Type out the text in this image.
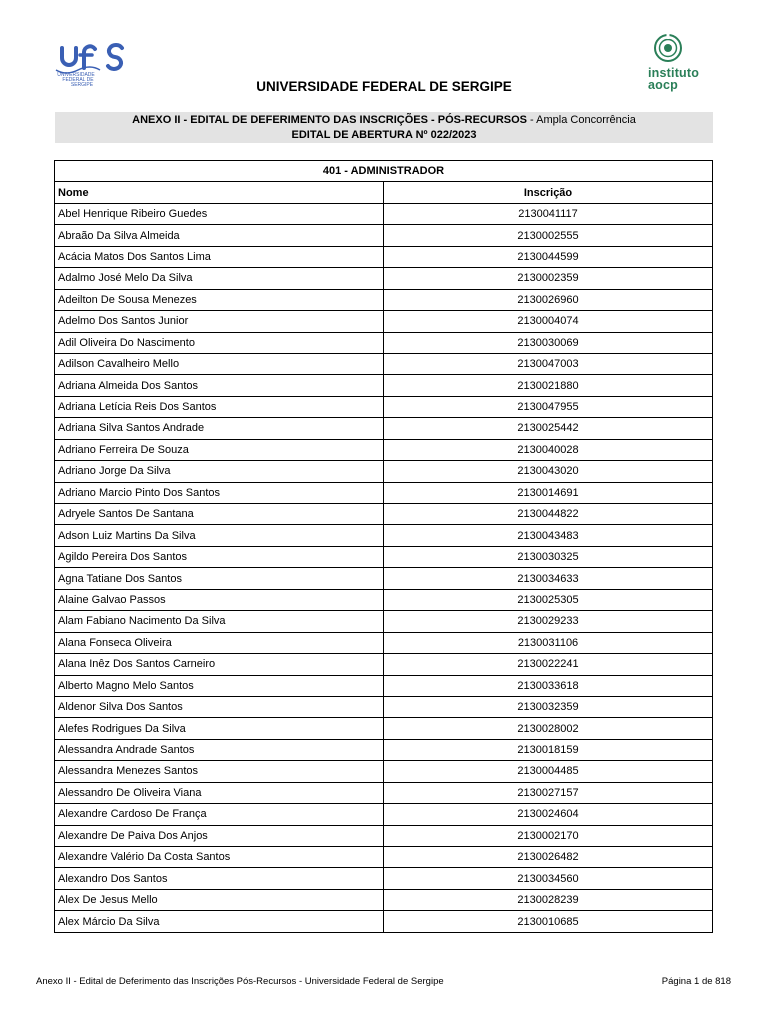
UNIVERSIDADE
FEDERAL DE
SERGIPE
instituto
aocp
UNIVERSIDADE FEDERAL DE SERGIPE
ANEXO II - EDITAL DE DEFERIMENTO DAS INSCRIÇÕES - PÓS-RECURSOS - Ampla Concorrência
EDITAL DE ABERTURA Nº 022/2023
401 - ADMINISTRADOR	
Nome	Inscrição
Abel Henrique Ribeiro Guedes	2130041117
Abraão Da Silva Almeida	2130002555
Acácia Matos Dos Santos Lima	2130044599
Adalmo José Melo Da Silva	2130002359
Adeilton De Sousa Menezes	2130026960
Adelmo Dos Santos Junior	2130004074
Adil Oliveira Do Nascimento	2130030069
Adilson Cavalheiro Mello	2130047003
Adriana Almeida Dos Santos	2130021880
Adriana Letícia Reis Dos Santos	2130047955
Adriana Silva Santos Andrade	2130025442
Adriano Ferreira De Souza	2130040028
Adriano Jorge Da Silva	2130043020
Adriano Marcio Pinto Dos Santos	2130014691
Adryele Santos De Santana	2130044822
Adson Luiz Martins Da Silva	2130043483
Agildo Pereira Dos Santos	2130030325
Agna Tatiane Dos Santos	2130034633
Alaine Galvao Passos	2130025305
Alam Fabiano Nacimento Da Silva	2130029233
Alana Fonseca Oliveira	2130031106
Alana Inêz Dos Santos Carneiro	2130022241
Alberto Magno Melo Santos	2130033618
Aldenor Silva Dos Santos	2130032359
Alefes Rodrigues Da Silva	2130028002
Alessandra Andrade Santos	2130018159
Alessandra Menezes Santos	2130004485
Alessandro De Oliveira Viana	2130027157
Alexandre Cardoso De França	2130024604
Alexandre De Paiva Dos Anjos	2130002170
Alexandre Valério Da Costa Santos	2130026482
Alexandro Dos Santos	2130034560
Alex De Jesus Mello	2130028239
Alex Márcio Da Silva	2130010685
Anexo II - Edital de Deferimento das Inscrições Pós-Recursos - Universidade Federal de Sergipe	Página 1 de 818
